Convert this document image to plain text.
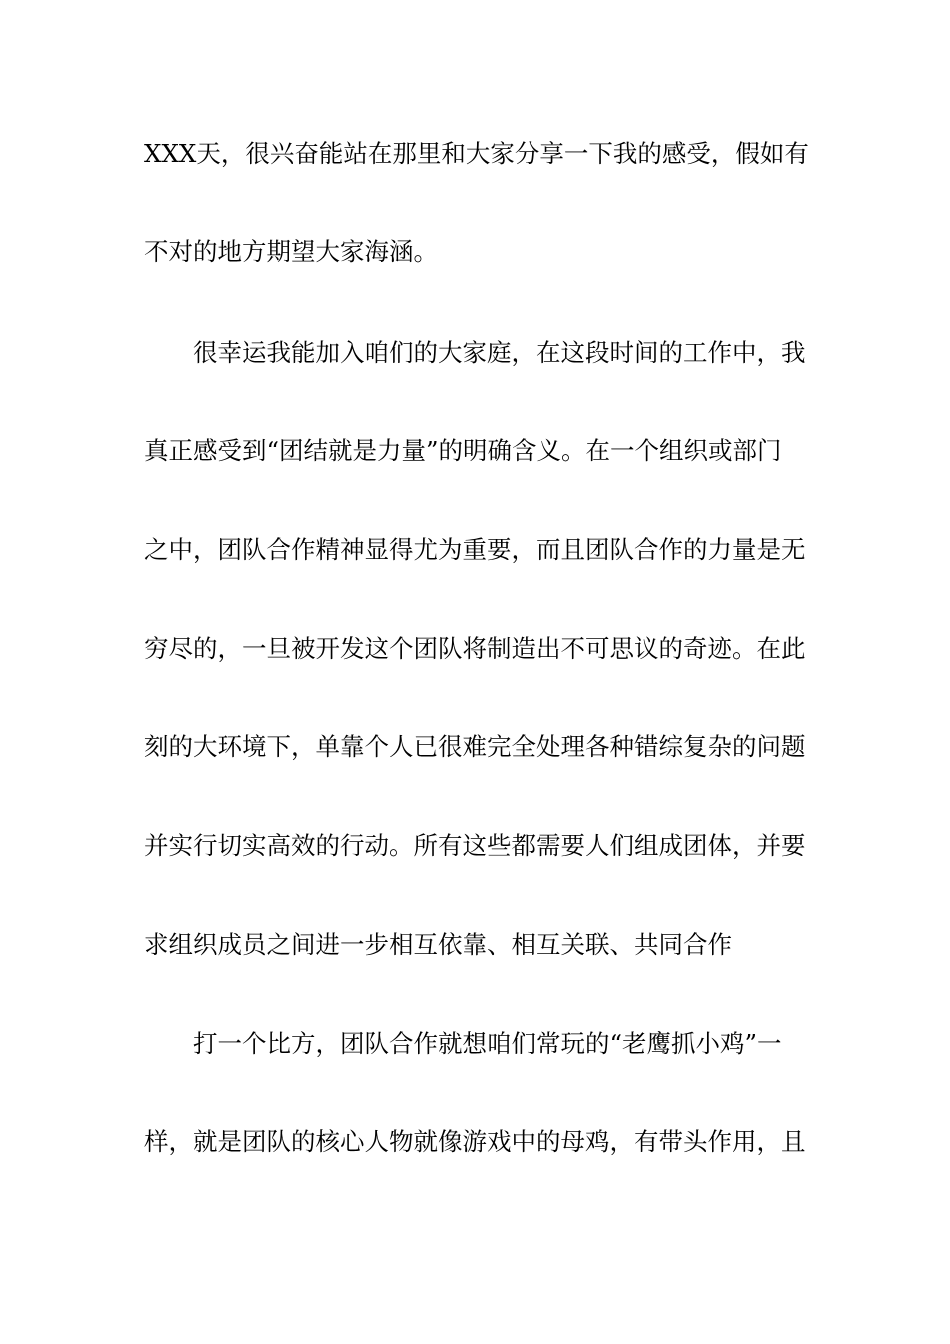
XXX天，很兴奋能站在那里和大家分享一下我的感受，假如有
不对的地方期望大家海涵。
很幸运我能加入咱们的大家庭，在这段时间的工作中，我
真正感受到“团结就是力量”的明确含义。在一个组织或部门
之中，团队合作精神显得尤为重要，而且团队合作的力量是无
穷尽的，一旦被开发这个团队将制造出不可思议的奇迹。在此
刻的大环境下，单靠个人已很难完全处理各种错综复杂的问题
并实行切实高效的行动。所有这些都需要人们组成团体，并要
求组织成员之间进一步相互依靠、相互关联、共同合作
打一个比方，团队合作就想咱们常玩的“老鹰抓小鸡”一
样，就是团队的核心人物就像游戏中的母鸡，有带头作用，且
